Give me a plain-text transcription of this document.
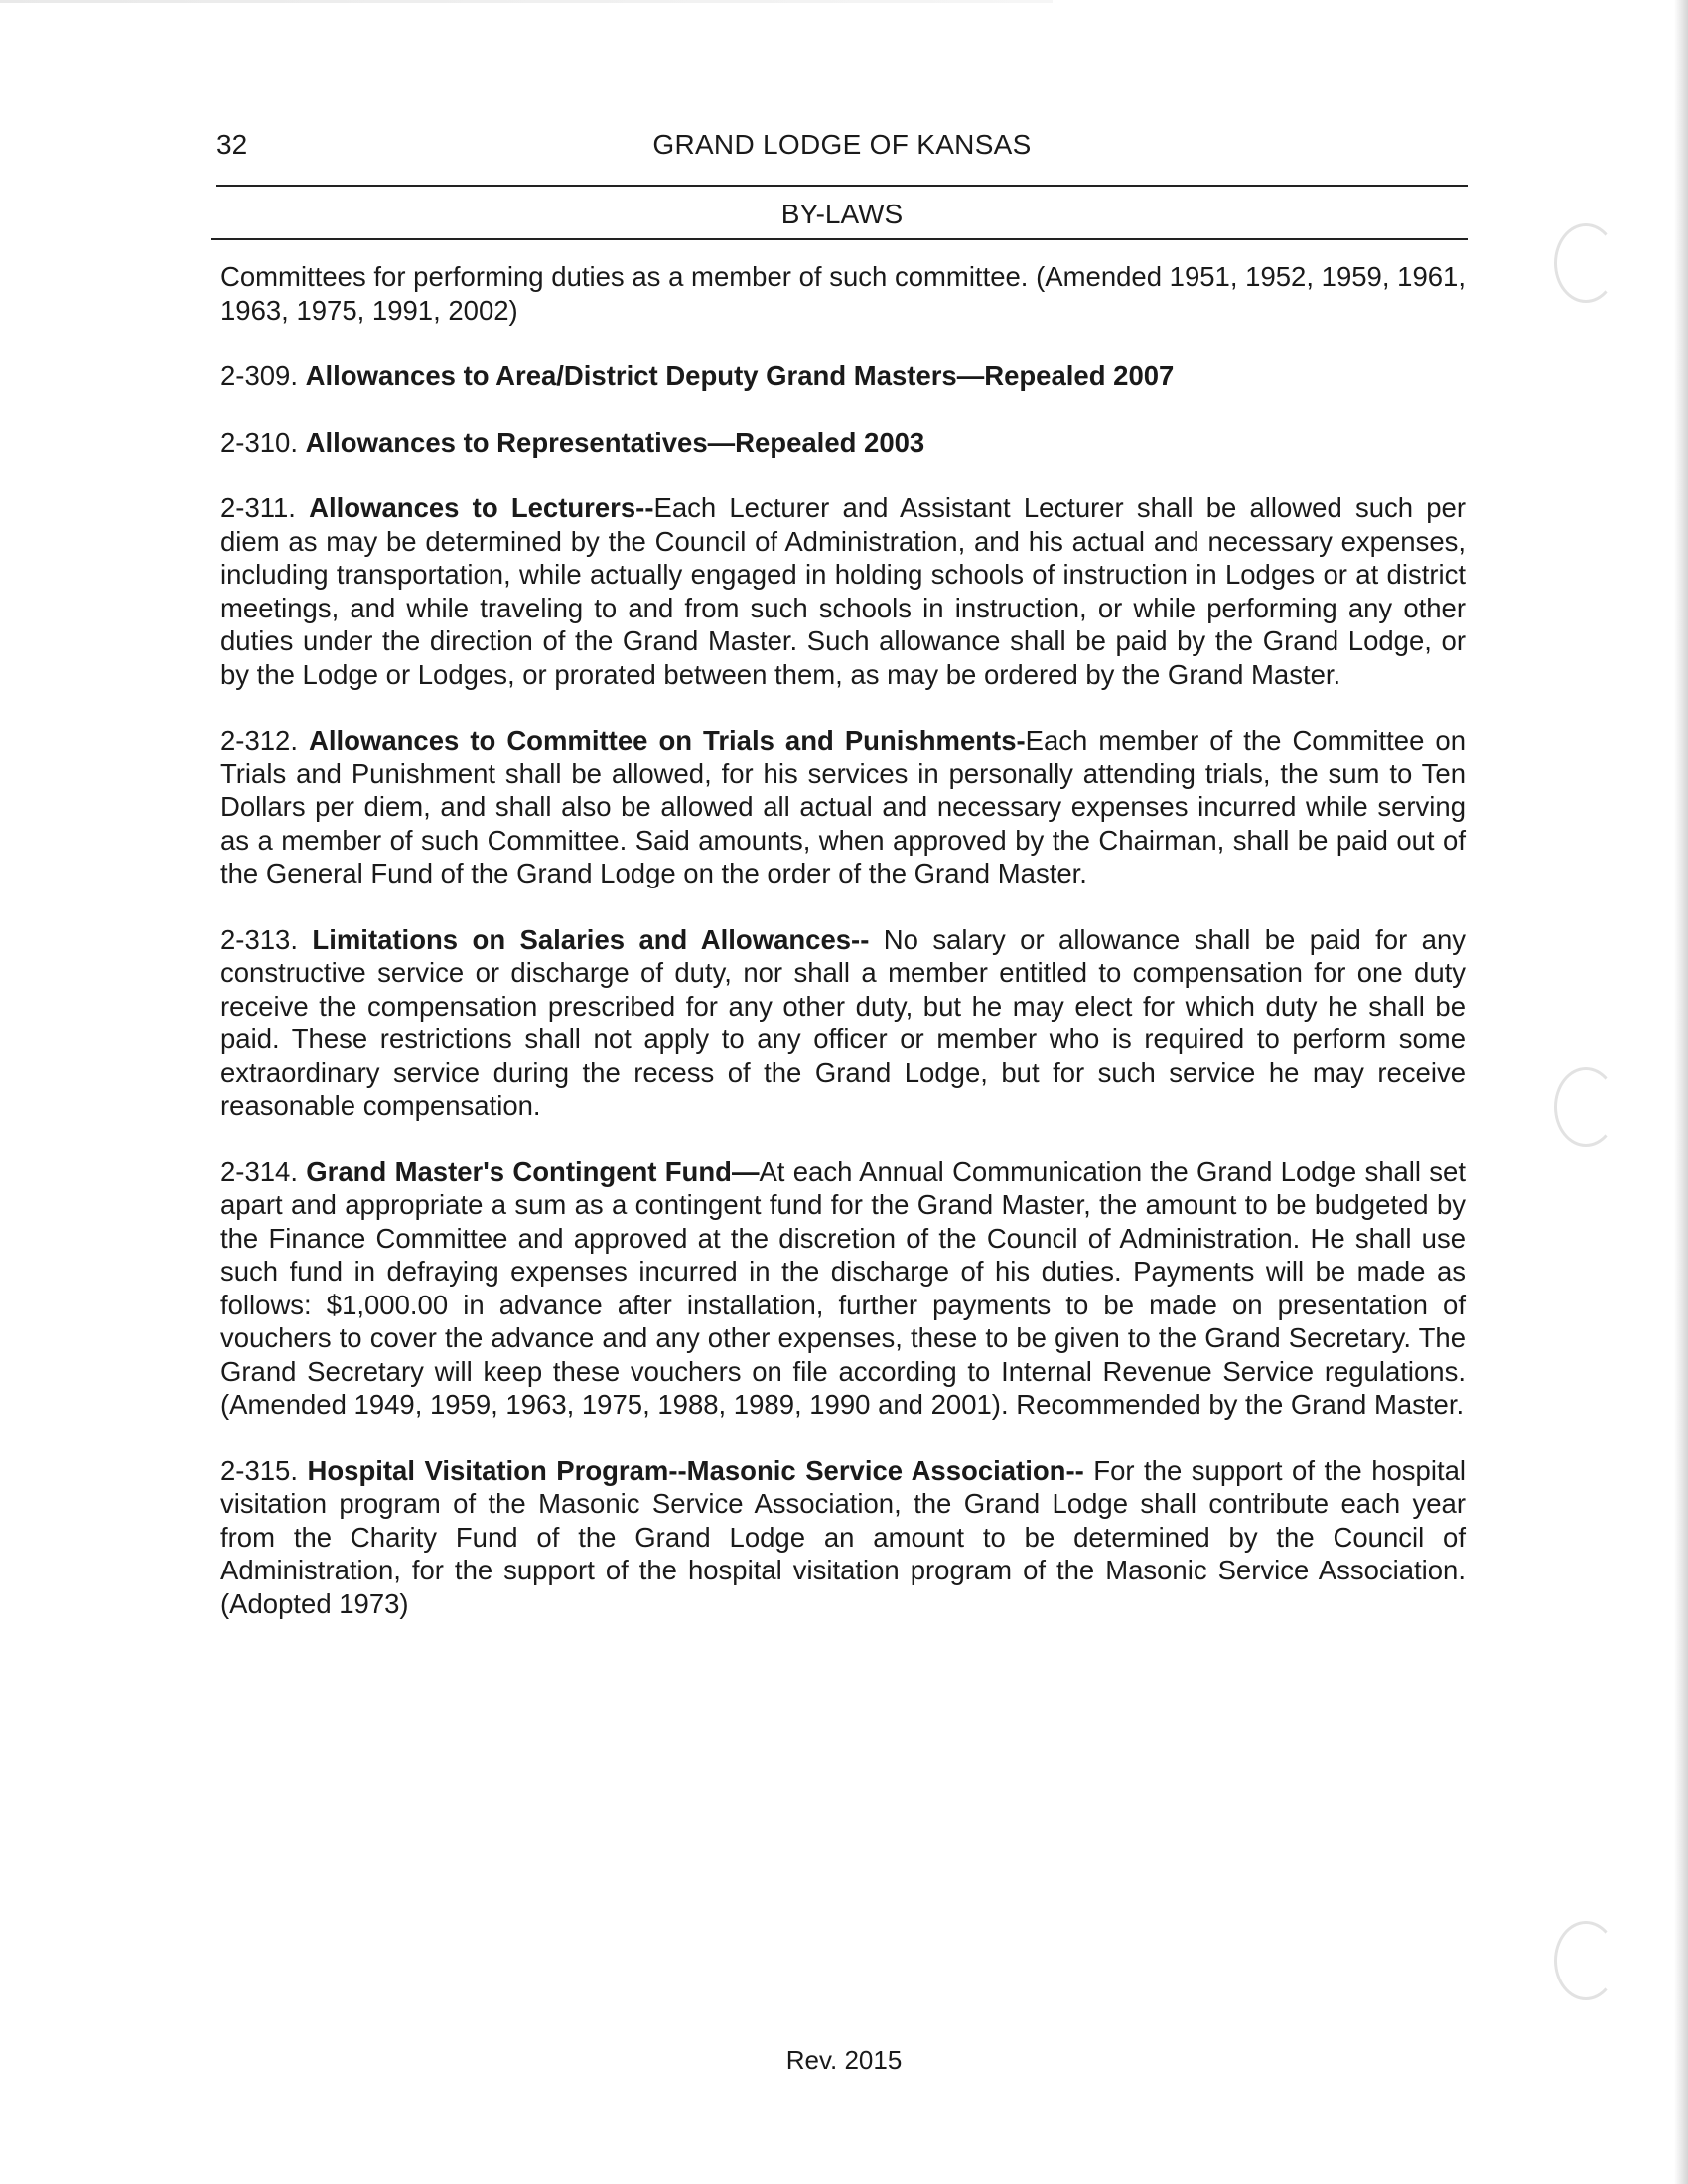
32	GRAND LODGE OF KANSAS
BY-LAWS

Committees for performing duties as a member of such committee. (Amended 1951, 1952, 1959, 1961, 1963, 1975, 1991, 2002)

2-309. Allowances to Area/District Deputy Grand Masters—Repealed 2007

2-310. Allowances to Representatives—Repealed 2003

2-311. Allowances to Lecturers--Each Lecturer and Assistant Lecturer shall be allowed such per diem as may be determined by the Council of Administration, and his actual and necessary expenses, including transportation, while actually engaged in holding schools of instruction in Lodges or at district meetings, and while traveling to and from such schools in instruction, or while performing any other duties under the direction of the Grand Master. Such allowance shall be paid by the Grand Lodge, or by the Lodge or Lodges, or prorated between them, as may be ordered by the Grand Master.

2-312. Allowances to Committee on Trials and Punishments-Each member of the Committee on Trials and Punishment shall be allowed, for his services in personally attending trials, the sum to Ten Dollars per diem, and shall also be allowed all actual and necessary expenses incurred while serving as a member of such Committee. Said amounts, when approved by the Chairman, shall be paid out of the General Fund of the Grand Lodge on the order of the Grand Master.

2-313. Limitations on Salaries and Allowances-- No salary or allowance shall be paid for any constructive service or discharge of duty, nor shall a member entitled to compensation for one duty receive the compensation prescribed for any other duty, but he may elect for which duty he shall be paid. These restrictions shall not apply to any officer or member who is required to perform some extraordinary service during the recess of the Grand Lodge, but for such service he may receive reasonable compensation.

2-314. Grand Master's Contingent Fund—At each Annual Communication the Grand Lodge shall set apart and appropriate a sum as a contingent fund for the Grand Master, the amount to be budgeted by the Finance Committee and approved at the discretion of the Council of Administration. He shall use such fund in defraying expenses incurred in the discharge of his duties. Payments will be made as follows: $1,000.00 in advance after installation, further payments to be made on presentation of vouchers to cover the advance and any other expenses, these to be given to the Grand Secretary. The Grand Secretary will keep these vouchers on file according to Internal Revenue Service regulations. (Amended 1949, 1959, 1963, 1975, 1988, 1989, 1990 and 2001). Recommended by the Grand Master.

2-315. Hospital Visitation Program--Masonic Service Association-- For the support of the hospital visitation program of the Masonic Service Association, the Grand Lodge shall contribute each year from the Charity Fund of the Grand Lodge an amount to be determined by the Council of Administration, for the support of the hospital visitation program of the Masonic Service Association. (Adopted 1973)

Rev. 2015
